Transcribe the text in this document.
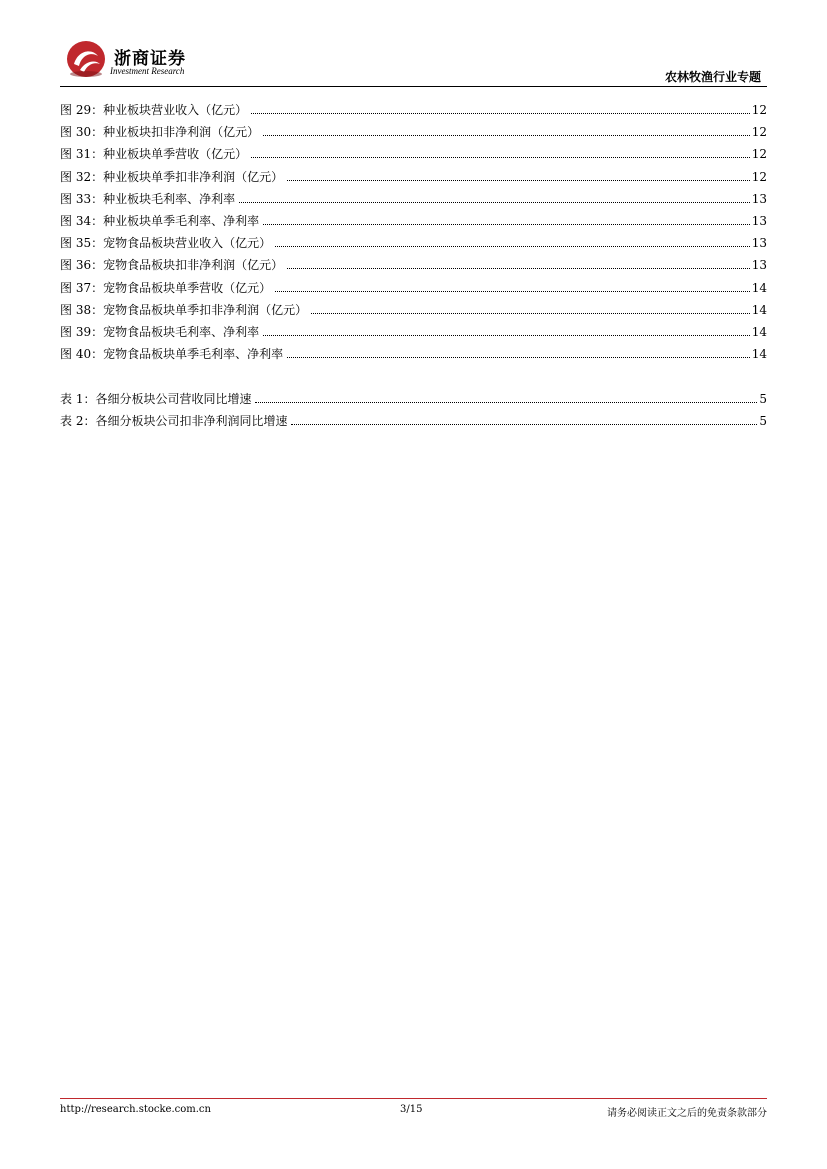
浙商证券
Investment Research	农林牧渔行业专题
图 29：种业板块营业收入（亿元）	12
图 30：种业板块扣非净利润（亿元）	12
图 31：种业板块单季营收（亿元）	12
图 32：种业板块单季扣非净利润（亿元）	12
图 33：种业板块毛利率、净利率	13
图 34：种业板块单季毛利率、净利率	13
图 35：宠物食品板块营业收入（亿元）	13
图 36：宠物食品板块扣非净利润（亿元）	13
图 37：宠物食品板块单季营收（亿元）	14
图 38：宠物食品板块单季扣非净利润（亿元）	14
图 39：宠物食品板块毛利率、净利率	14
图 40：宠物食品板块单季毛利率、净利率	14
表 1：各细分板块公司营收同比增速	5
表 2：各细分板块公司扣非净利润同比增速	5
http://research.stocke.com.cn	3/15	请务必阅读正文之后的免责条款部分
